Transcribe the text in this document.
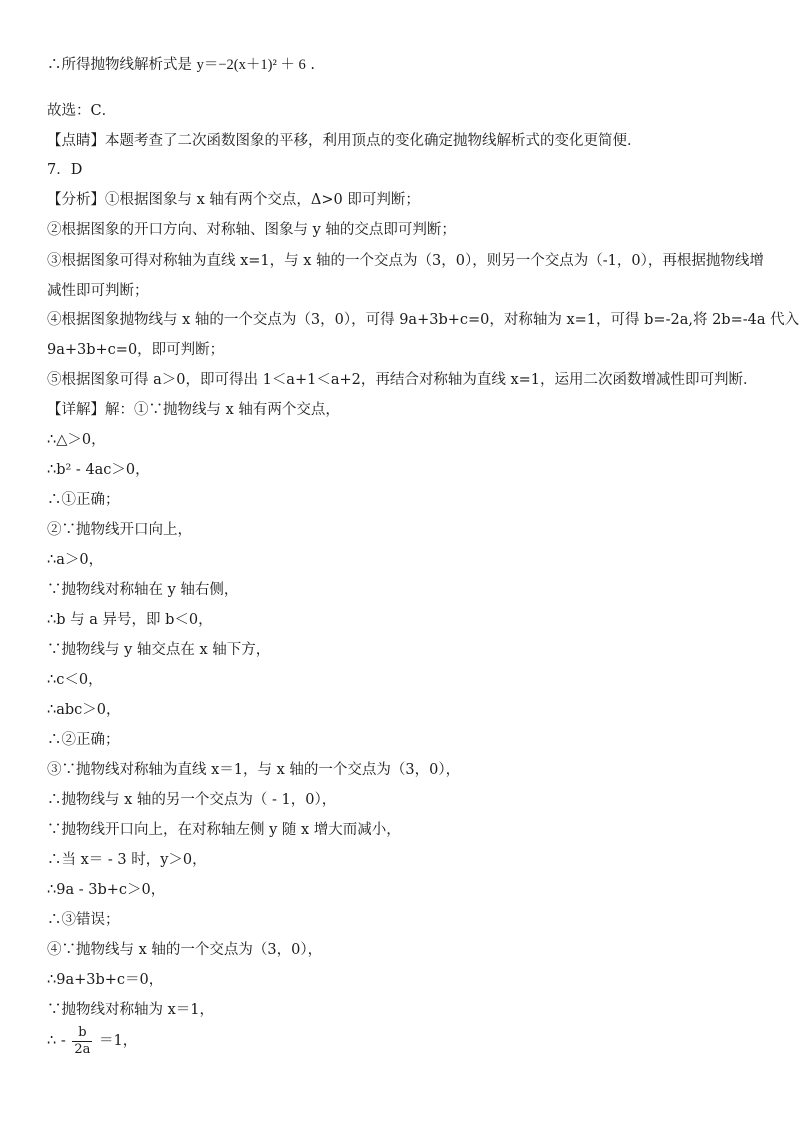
∴所得抛物线解析式是 y＝−2(x＋1)² ＋ 6 .
故选：C．
【点睛】本题考查了二次函数图象的平移，利用顶点的变化确定抛物线解析式的变化更简便．
7．D
【分析】①根据图象与 x 轴有两个交点，Δ>0 即可判断；
②根据图象的开口方向、对称轴、图象与 y 轴的交点即可判断；
③根据图象可得对称轴为直线 x=1，与 x 轴的一个交点为（3，0），则另一个交点为（-1，0），再根据抛物线增
减性即可判断；
④根据图象抛物线与 x 轴的一个交点为（3，0），可得 9a+3b+c=0，对称轴为 x=1，可得 b=-2a,将 2b=-4a 代入
9a+3b+c=0，即可判断；
⑤根据图象可得 a＞0，即可得出 1＜a+1＜a+2，再结合对称轴为直线 x=1，运用二次函数增减性即可判断．
【详解】解：①∵抛物线与 x 轴有两个交点，
∴△＞0，
∴b² - 4ac＞0，
∴①正确；
②∵抛物线开口向上，
∴a＞0，
∵抛物线对称轴在 y 轴右侧，
∴b 与 a 异号，即 b＜0，
∵抛物线与 y 轴交点在 x 轴下方，
∴c＜0，
∴abc＞0，
∴②正确；
③∵抛物线对称轴为直线 x＝1，与 x 轴的一个交点为（3，0），
∴抛物线与 x 轴的另一个交点为（ - 1，0），
∵抛物线开口向上，在对称轴左侧 y 随 x 增大而减小，
∴当 x＝ - 3 时，y＞0，
∴9a - 3b+c＞0，
∴③错误；
④∵抛物线与 x 轴的一个交点为（3，0），
∴9a+3b+c＝0，
∵抛物线对称轴为 x＝1，
∴ - $\frac{b}{2a} =1$，
